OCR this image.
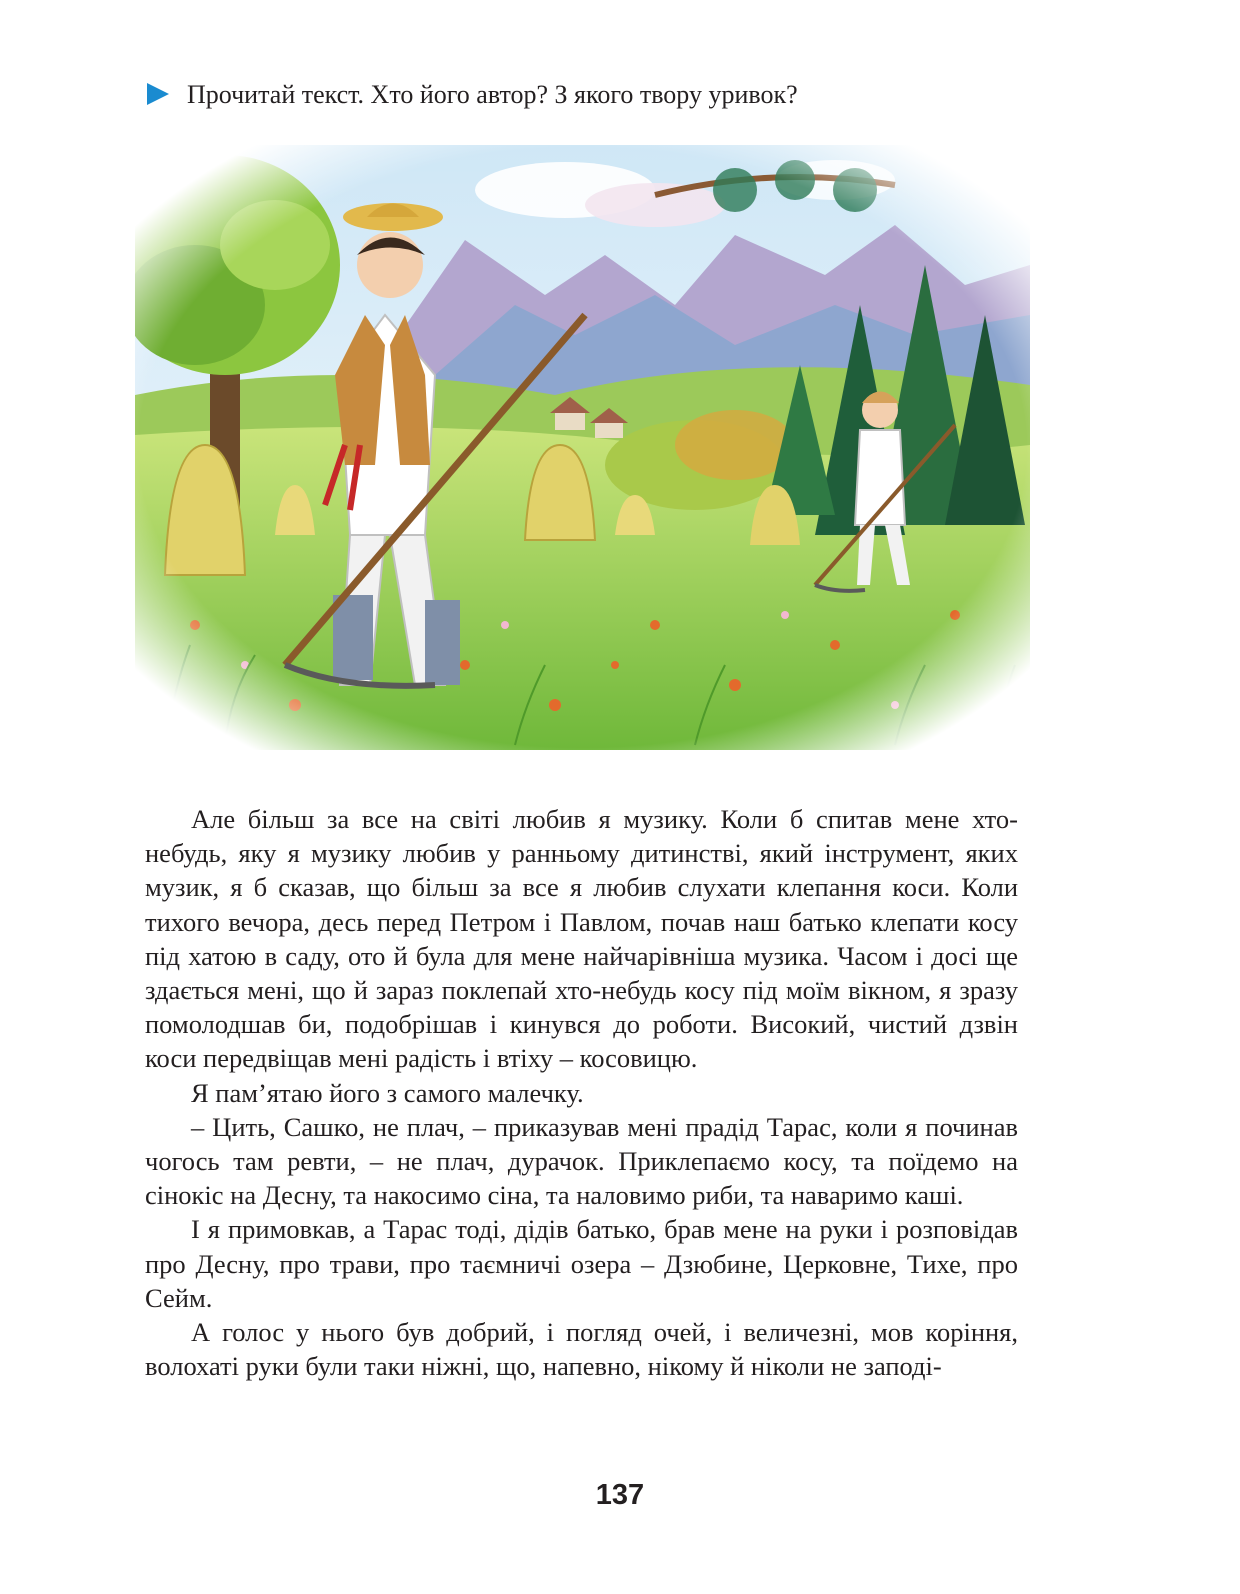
Прочитай текст. Хто його автор? З якого твору уривок?

Але більш за все на світі любив я музику. Коли б спитав мене хто-небудь, яку я музику любив у ранньому дитинстві, який інструмент, яких музик, я б сказав, що більш за все я любив слухати клепання коси. Коли тихого вечора, десь перед Петром і Павлом, почав наш батько клепати косу під хатою в саду, ото й була для мене найчарівніша музика. Часом і досі ще здається мені, що й зараз поклепай хто-небудь косу під моїм вікном, я зразу помолодшав би, подобрішав і кинувся до роботи. Високий, чистий дзвін коси передвіщав мені радість і втіху – косовицю.

Я пам’ятаю його з самого малечку.

– Цить, Сашко, не плач, – приказував мені прадід Тарас, коли я починав чогось там ревти, – не плач, дурачок. Приклепаємо косу, та поїдемо на сінокіс на Десну, та накосимо сіна, та наловимо риби, та наваримо каші.

І я примовкав, а Тарас тоді, дідів батько, брав мене на руки і розповідав про Десну, про трави, про таємничі озера – Дзюбине, Церковне, Тихе, про Сейм.

А голос у нього був добрий, і погляд очей, і величезні, мов коріння, волохаті руки були таки ніжні, що, напевно, нікому й ніколи не заподі-

137
